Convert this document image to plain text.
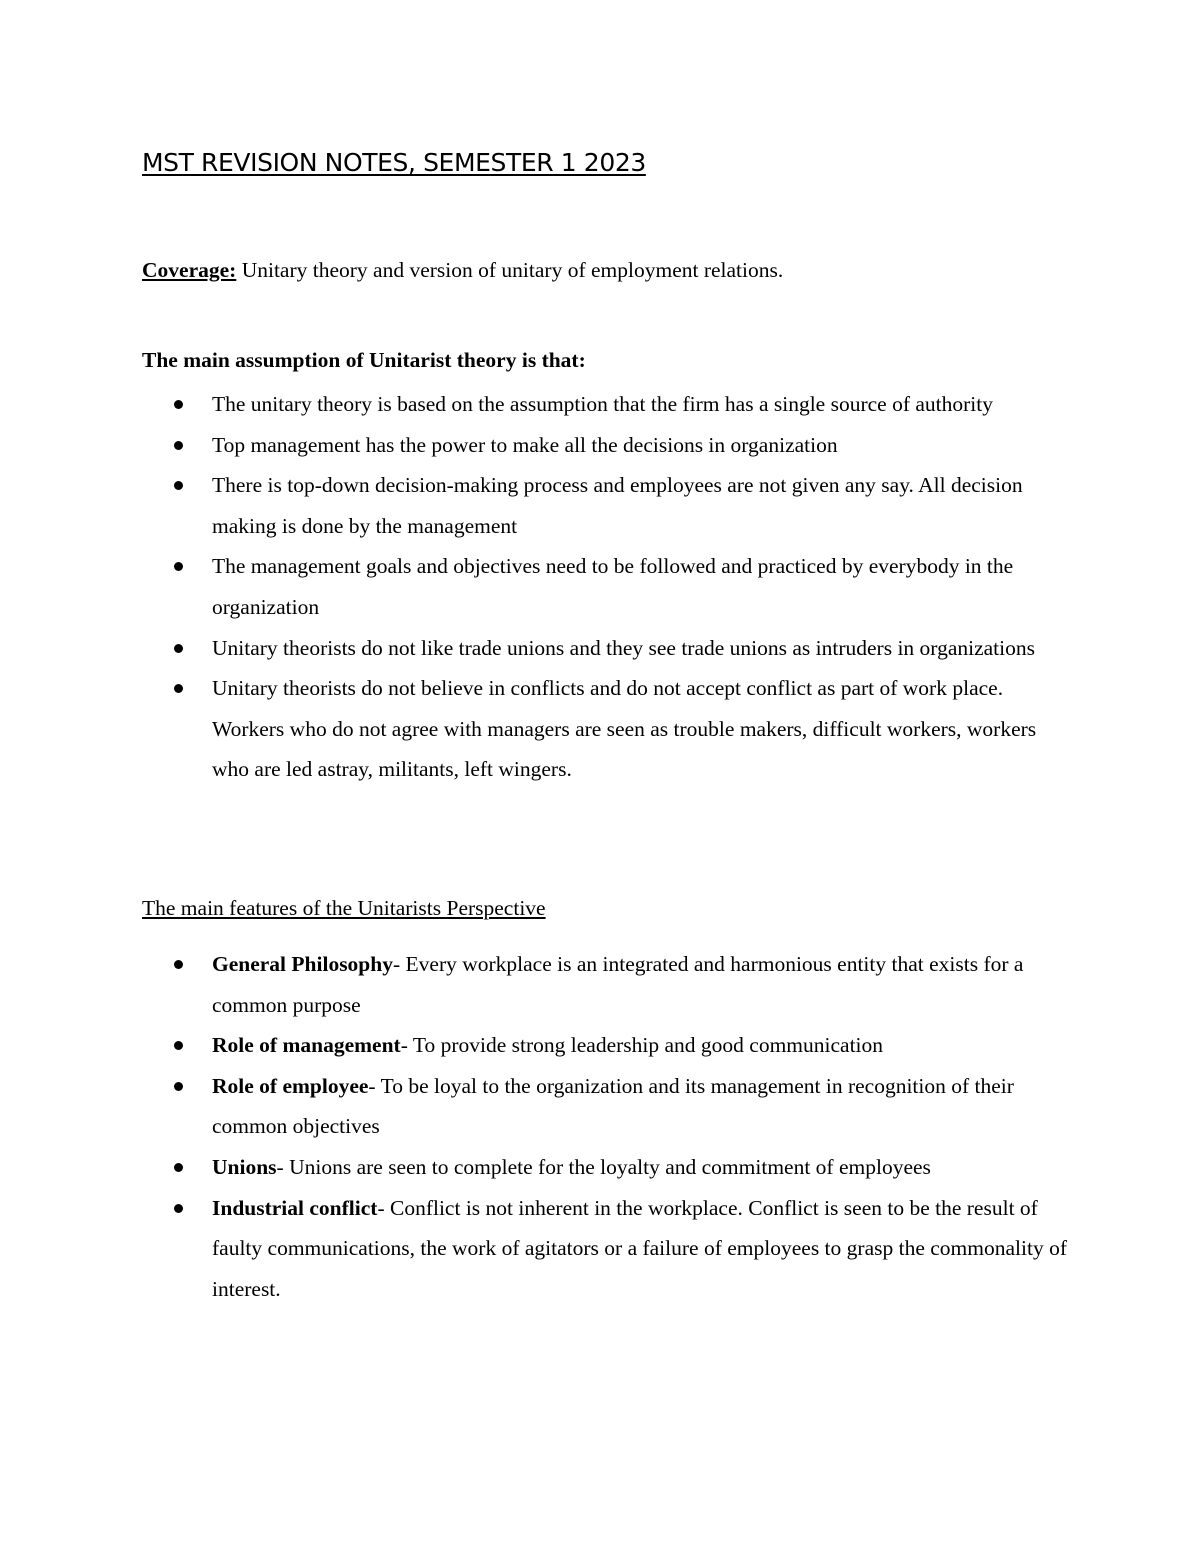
MST REVISION NOTES, SEMESTER 1 2023

Coverage: Unitary theory and version of unitary of employment relations.

The main assumption of Unitarist theory is that:

The unitary theory is based on the assumption that the firm has a single source of authority
Top management has the power to make all the decisions in organization
There is top-down decision-making process and employees are not given any say. All decision making is done by the management
The management goals and objectives need to be followed and practiced by everybody in the organization
Unitary theorists do not like trade unions and they see trade unions as intruders in organizations
Unitary theorists do not believe in conflicts and do not accept conflict as part of work place. Workers who do not agree with managers are seen as trouble makers, difficult workers, workers who are led astray, militants, left wingers.

The main features of the Unitarists Perspective

General Philosophy- Every workplace is an integrated and harmonious entity that exists for a common purpose
Role of management- To provide strong leadership and good communication
Role of employee- To be loyal to the organization and its management in recognition of their common objectives
Unions- Unions are seen to complete for the loyalty and commitment of employees
Industrial conflict- Conflict is not inherent in the workplace. Conflict is seen to be the result of faulty communications, the work of agitators or a failure of employees to grasp the commonality of interest.
